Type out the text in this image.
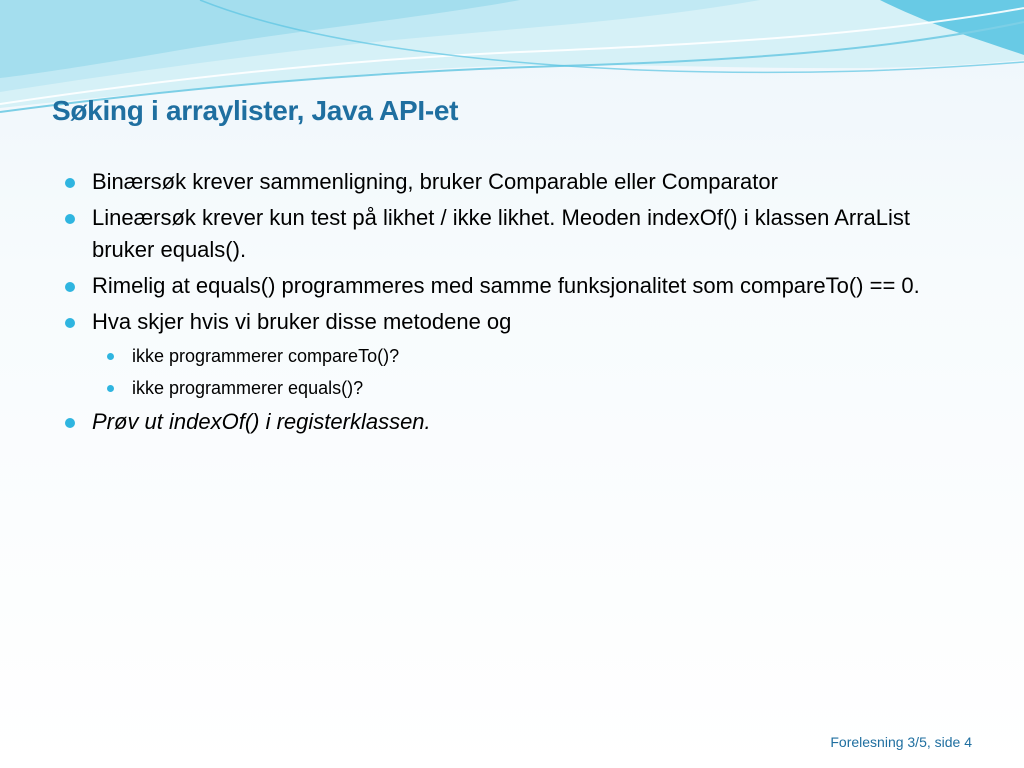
Søking i arraylister, Java API-et
Binærsøk krever sammenligning, bruker Comparable eller Comparator
Lineærsøk krever kun test på likhet / ikke likhet. Meoden indexOf() i klassen ArraList bruker equals().
Rimelig at equals() programmeres med samme funksjonalitet som compareTo() == 0.
Hva skjer hvis vi bruker disse metodene og
ikke programmerer compareTo()?
ikke programmerer equals()?
Prøv ut indexOf() i registerklassen.
Forelesning 3/5, side 4
